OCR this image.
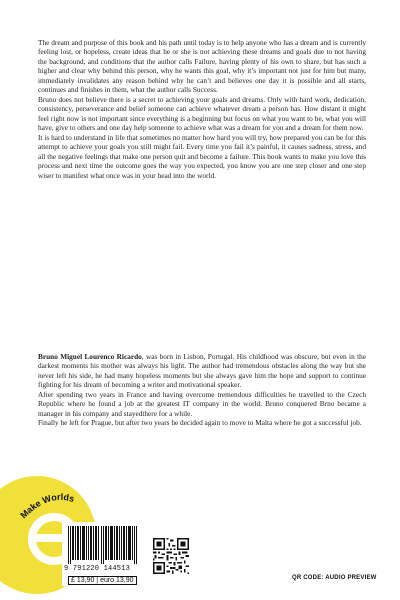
The dream and purpose of this book and his path until today is to help anyone who has a dream and is currently feeling lost, or hopeless, create ideas that he or she is not achieving these dreams and goals due to not having the background, and conditions that the author calls Failure, having plenty of his own to share, but has such a higher and clear why behind this person, why he wants this goal, why it’s important not just for him but many, immediately invalidates any reason behind why he can’t and believes one day it is possible and all starts, continues and finishes in them, what the author calls Success.

Bruno does not believe there is a secret to achieving your goals and dreams. Only with hard work, dedication, consistency, perseverance and belief someone can achieve whatever dream a person has. How distant it might feel right now is not important since everything is a beginning but focus on what you want to be, what you will have, give to others and one day help someone to achieve what was a dream for you and a dream for them now.

It is hard to understand in life that sometimes no matter how hard you will try, how prepared you can be for this attempt to achieve your goals you still might fail. Every time you fail it’s painful, it causes sadness, stress, and all the negative feelings that make one person quit and become a failure. This book wants to make you love this process and next time the outcome goes the way you expected, you know you are one step closer and one step wiser to manifest what once was in your head into the world.

Bruno Miguel Lourenco Ricardo, was born in Lisbon, Portugal. His childhood was obscure, but even in the darkest moments his mother was always his light. The author had tremendous obstacles along the way but she never left his side, he had many hopeless moments but she always gave him the hope and support to continue fighting for his dream of becoming a writer and motivational speaker.

After spending two years in France and having overcome tremendous difficulties he travelled to the Czech Republic where he found a job at the greatest IT company in the world. Bruno conquered Brno became a manager in his company and stayedthere for a while.

Finally he left for Prague, but after two years he decided again to move to Malta where he got a successful job.

Make Worlds
9 791220 144513
£ 13,90 | euro 13,90	QR CODE: AUDIO PREVIEW
